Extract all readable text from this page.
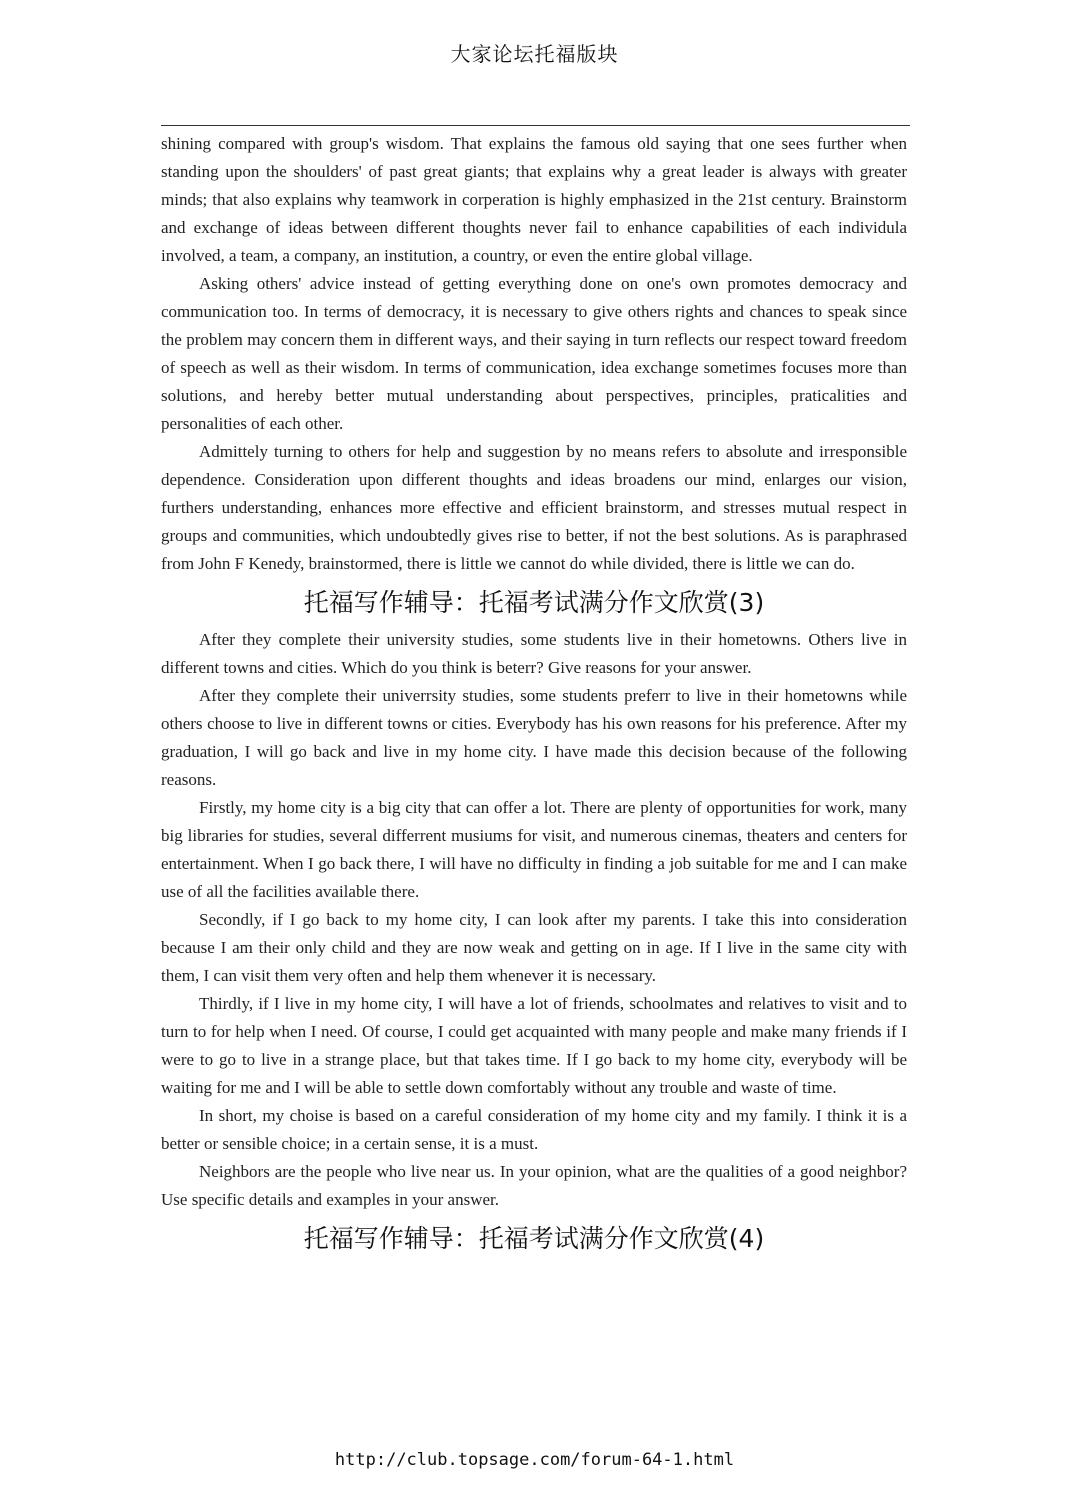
大家论坛托福版块

shining compared with group's wisdom. That explains the famous old saying that one sees further when standing upon the shoulders' of past great giants; that explains why a great leader is always with greater minds; that also explains why teamwork in corperation is highly emphasized in the 21st century. Brainstorm and exchange of ideas between different thoughts never fail to enhance capabilities of each individula involved, a team, a company, an institution, a country, or even the entire global village.

Asking others' advice instead of getting everything done on one's own promotes democracy and communication too. In terms of democracy, it is necessary to give others rights and chances to speak since the problem may concern them in different ways, and their saying in turn reflects our respect toward freedom of speech as well as their wisdom. In terms of communication, idea exchange sometimes focuses more than solutions, and hereby better mutual understanding about perspectives, principles, praticalities and personalities of each other.

Admittely turning to others for help and suggestion by no means refers to absolute and irresponsible dependence. Consideration upon different thoughts and ideas broadens our mind, enlarges our vision, furthers understanding, enhances more effective and efficient brainstorm, and stresses mutual respect in groups and communities, which undoubtedly gives rise to better, if not the best solutions. As is paraphrased from John F Kenedy, brainstormed, there is little we cannot do while divided, there is little we can do.

托福写作辅导：托福考试满分作文欣赏(3)

After they complete their university studies, some students live in their hometowns. Others live in different towns and cities. Which do you think is beterr? Give reasons for your answer.

After they complete their univerrsity studies, some students preferr to live in their hometowns while others choose to live in different towns or cities. Everybody has his own reasons for his preference. After my graduation, I will go back and live in my home city. I have made this decision because of the following reasons.

Firstly, my home city is a big city that can offer a lot. There are plenty of opportunities for work, many big libraries for studies, several differrent musiums for visit, and numerous cinemas, theaters and centers for entertainment. When I go back there, I will have no difficulty in finding a job suitable for me and I can make use of all the facilities available there.

Secondly, if I go back to my home city, I can look after my parents. I take this into consideration because I am their only child and they are now weak and getting on in age. If I live in the same city with them, I can visit them very often and help them whenever it is necessary.

Thirdly, if I live in my home city, I will have a lot of friends, schoolmates and relatives to visit and to turn to for help when I need. Of course, I could get acquainted with many people and make many friends if I were to go to live in a strange place, but that takes time. If I go back to my home city, everybody will be waiting for me and I will be able to settle down comfortably without any trouble and waste of time.

In short, my choise is based on a careful consideration of my home city and my family. I think it is a better or sensible choice; in a certain sense, it is a must.

Neighbors are the people who live near us. In your opinion, what are the qualities of a good neighbor? Use specific details and examples in your answer.

托福写作辅导：托福考试满分作文欣赏(4)

http://club.topsage.com/forum-64-1.html
